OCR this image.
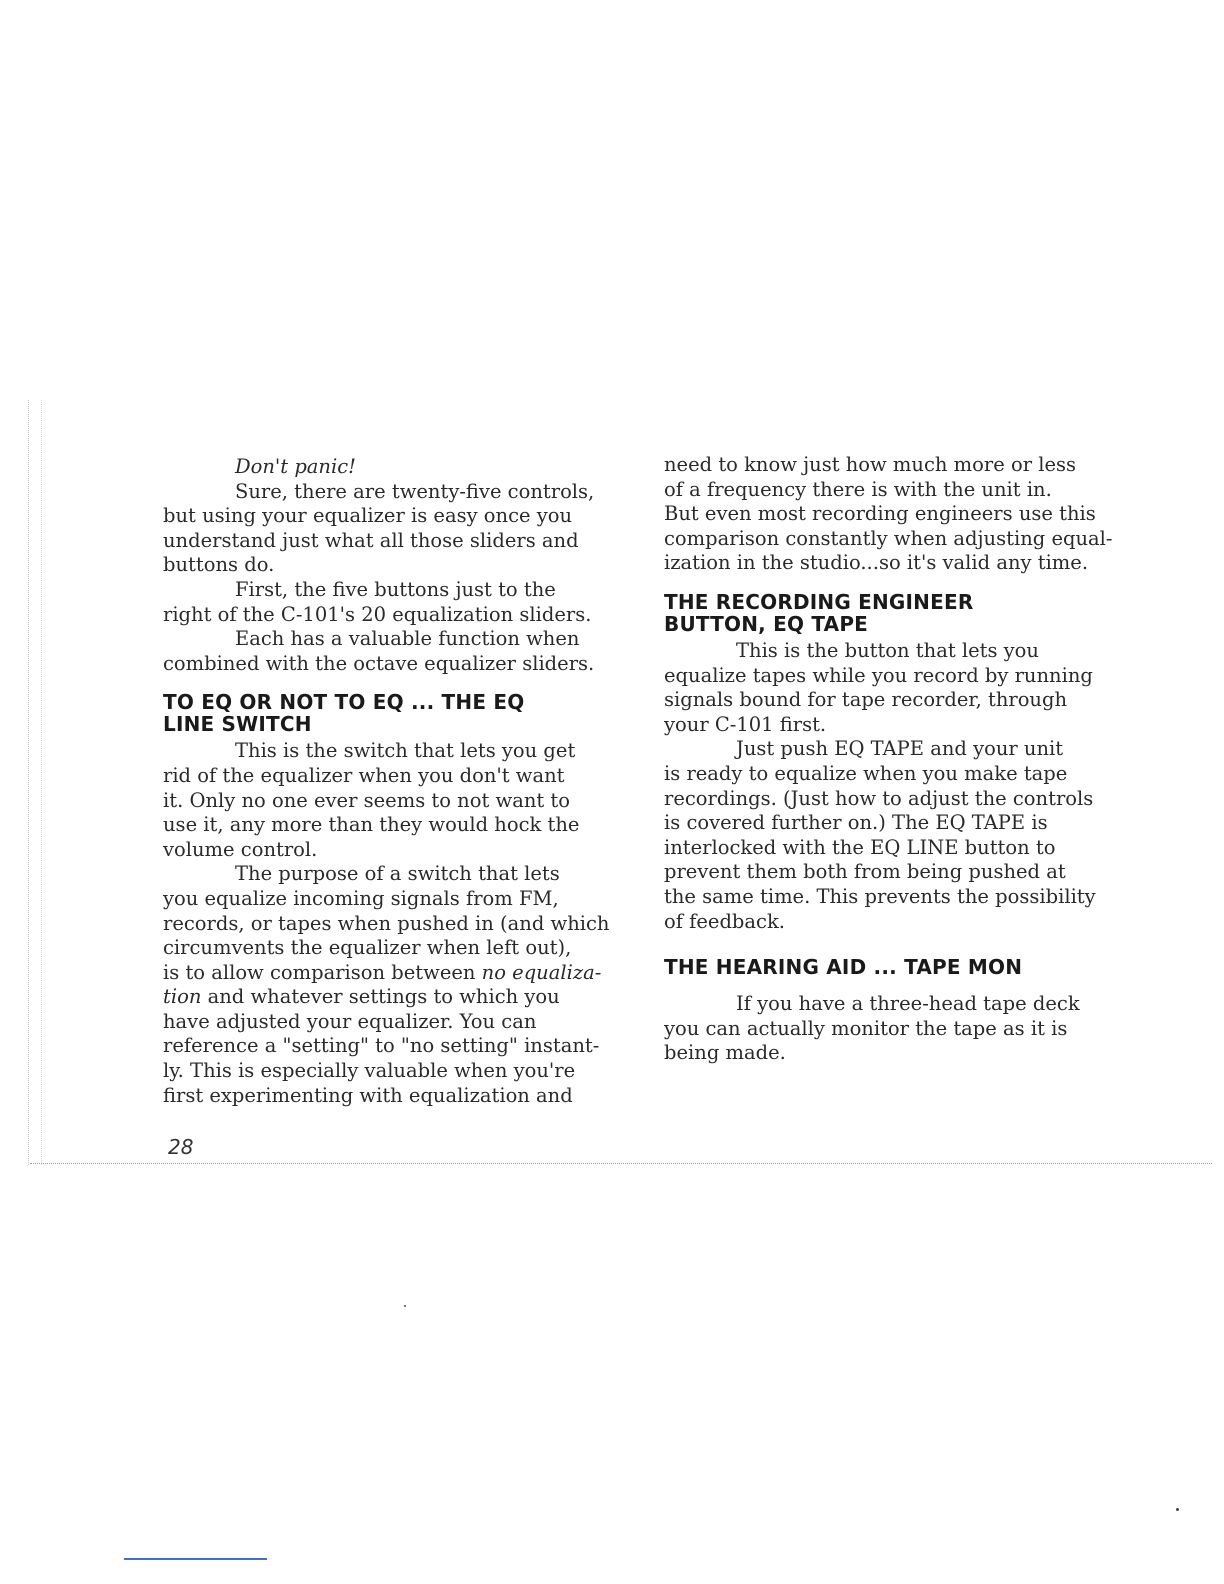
Don't panic!
Sure, there are twenty-five controls,
but using your equalizer is easy once you
understand just what all those sliders and
buttons do.
First, the five buttons just to the
right of the C-101's 20 equalization sliders.
Each has a valuable function when
combined with the octave equalizer sliders.
TO EQ OR NOT TO EQ ... THE EQ
LINE SWITCH
This is the switch that lets you get
rid of the equalizer when you don't want
it. Only no one ever seems to not want to
use it, any more than they would hock the
volume control.
The purpose of a switch that lets
you equalize incoming signals from FM,
records, or tapes when pushed in (and which
circumvents the equalizer when left out),
is to allow comparison between no equaliza-
tion and whatever settings to which you
have adjusted your equalizer. You can
reference a "setting" to "no setting" instant-
ly. This is especially valuable when you're
first experimenting with equalization and
need to know just how much more or less
of a frequency there is with the unit in.
But even most recording engineers use this
comparison constantly when adjusting equal-
ization in the studio...so it's valid any time.
THE RECORDING ENGINEER
BUTTON, EQ TAPE
This is the button that lets you
equalize tapes while you record by running
signals bound for tape recorder, through
your C-101 first.
Just push EQ TAPE and your unit
is ready to equalize when you make tape
recordings. (Just how to adjust the controls
is covered further on.) The EQ TAPE is
interlocked with the EQ LINE button to
prevent them both from being pushed at
the same time. This prevents the possibility
of feedback.
THE HEARING AID ... TAPE MON
If you have a three-head tape deck
you can actually monitor the tape as it is
being made.
28
